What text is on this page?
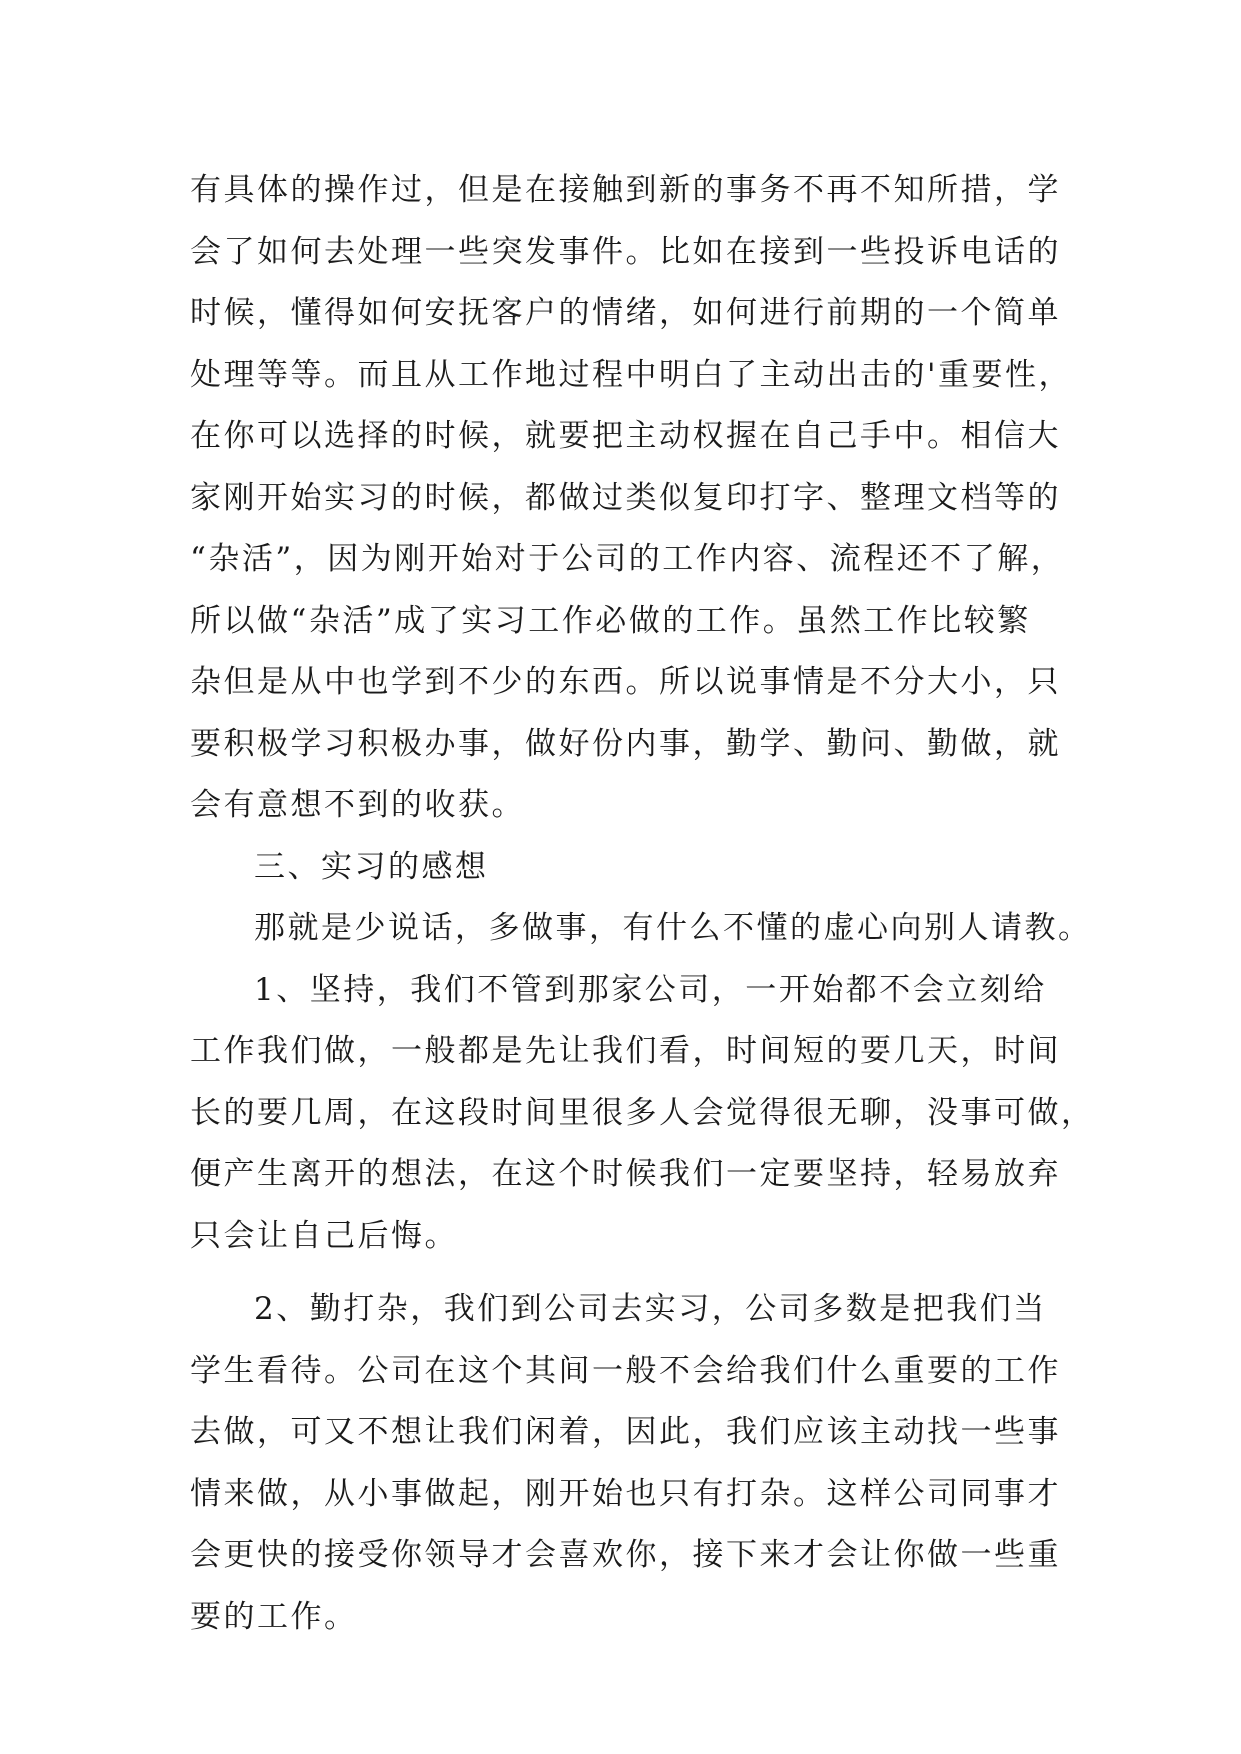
有具体的操作过，但是在接触到新的事务不再不知所措，学
会了如何去处理一些突发事件。比如在接到一些投诉电话的
时候，懂得如何安抚客户的情绪，如何进行前期的一个简单
处理等等。而且从工作地过程中明白了主动出击的'重要性，
在你可以选择的时候，就要把主动权握在自己手中。相信大
家刚开始实习的时候，都做过类似复印打字、整理文档等的
“杂活”，因为刚开始对于公司的工作内容、流程还不了解，
所以做“杂活”成了实习工作必做的工作。虽然工作比较繁
杂但是从中也学到不少的东西。所以说事情是不分大小，只
要积极学习积极办事，做好份内事，勤学、勤问、勤做，就
会有意想不到的收获。
三、实习的感想
那就是少说话，多做事，有什么不懂的虚心向别人请教。
1、坚持，我们不管到那家公司，一开始都不会立刻给
工作我们做，一般都是先让我们看，时间短的要几天，时间
长的要几周，在这段时间里很多人会觉得很无聊，没事可做，
便产生离开的想法，在这个时候我们一定要坚持，轻易放弃
只会让自己后悔。
2、勤打杂，我们到公司去实习，公司多数是把我们当
学生看待。公司在这个其间一般不会给我们什么重要的工作
去做，可又不想让我们闲着，因此，我们应该主动找一些事
情来做，从小事做起，刚开始也只有打杂。这样公司同事才
会更快的接受你领导才会喜欢你，接下来才会让你做一些重
要的工作。
